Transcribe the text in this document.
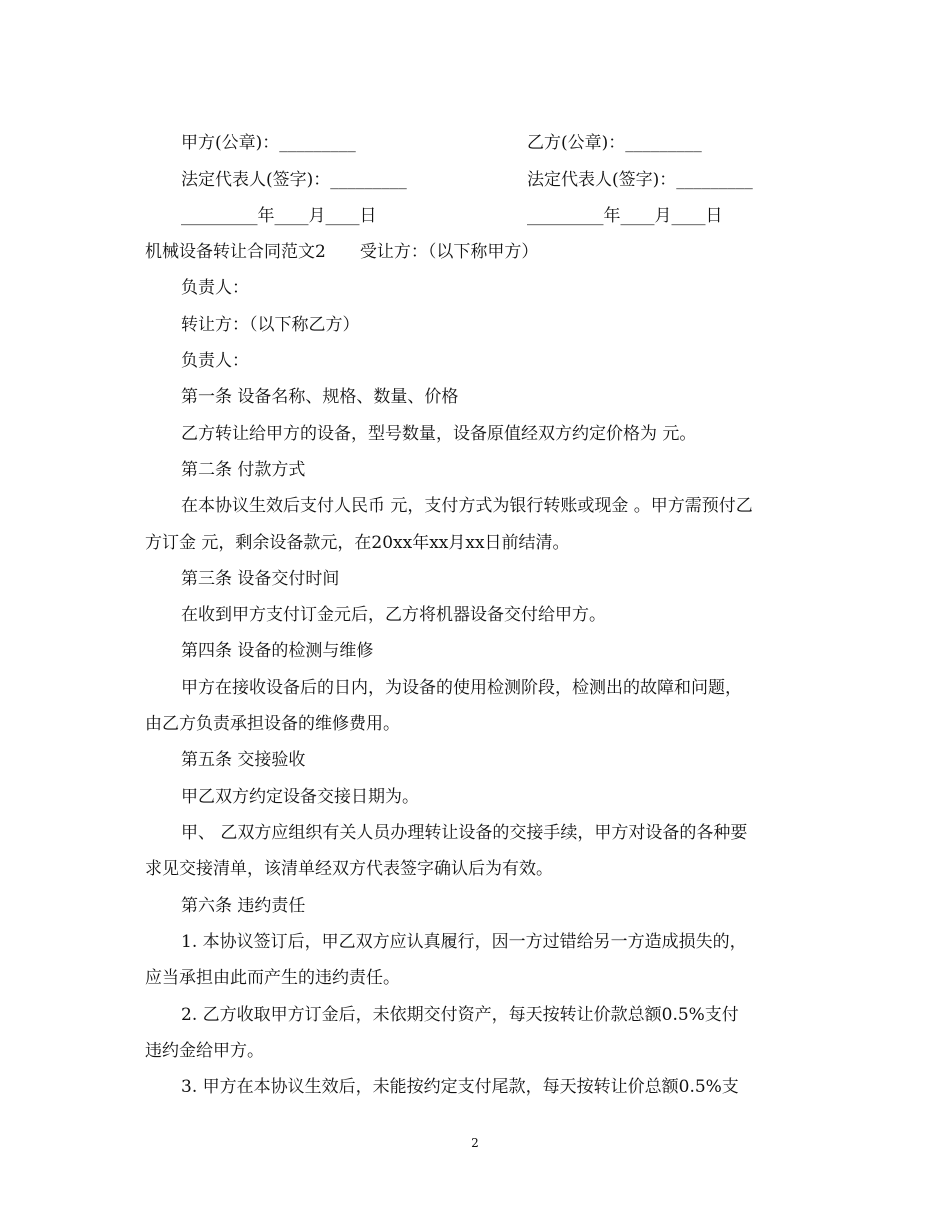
甲方(公章)：_________	乙方(公章)：_________
法定代表人(签字)：_________	法定代表人(签字)：_________
_________年____月____日	_________年____月____日
机械设备转让合同范文2　　受让方：（以下称甲方）
负责人：
转让方：（以下称乙方）
负责人：
第一条 设备名称、规格、数量、价格
乙方转让给甲方的设备，型号数量，设备原值经双方约定价格为 元。
第二条 付款方式
在本协议生效后支付人民币 元，支付方式为银行转账或现金 。甲方需预付乙
方订金 元，剩余设备款元，在20xx年xx月xx日前结清。
第三条 设备交付时间
在收到甲方支付订金元后，乙方将机器设备交付给甲方。
第四条 设备的检测与维修
甲方在接收设备后的日内，为设备的使用检测阶段，检测出的故障和问题，
由乙方负责承担设备的维修费用。
第五条 交接验收
甲乙双方约定设备交接日期为。
甲、 乙双方应组织有关人员办理转让设备的交接手续，甲方对设备的各种要
求见交接清单，该清单经双方代表签字确认后为有效。
第六条 违约责任
1. 本协议签订后，甲乙双方应认真履行，因一方过错给另一方造成损失的，
应当承担由此而产生的违约责任。
2. 乙方收取甲方订金后，未依期交付资产，每天按转让价款总额0.5%支付
违约金给甲方。
3. 甲方在本协议生效后，未能按约定支付尾款，每天按转让价总额0.5%支
2
